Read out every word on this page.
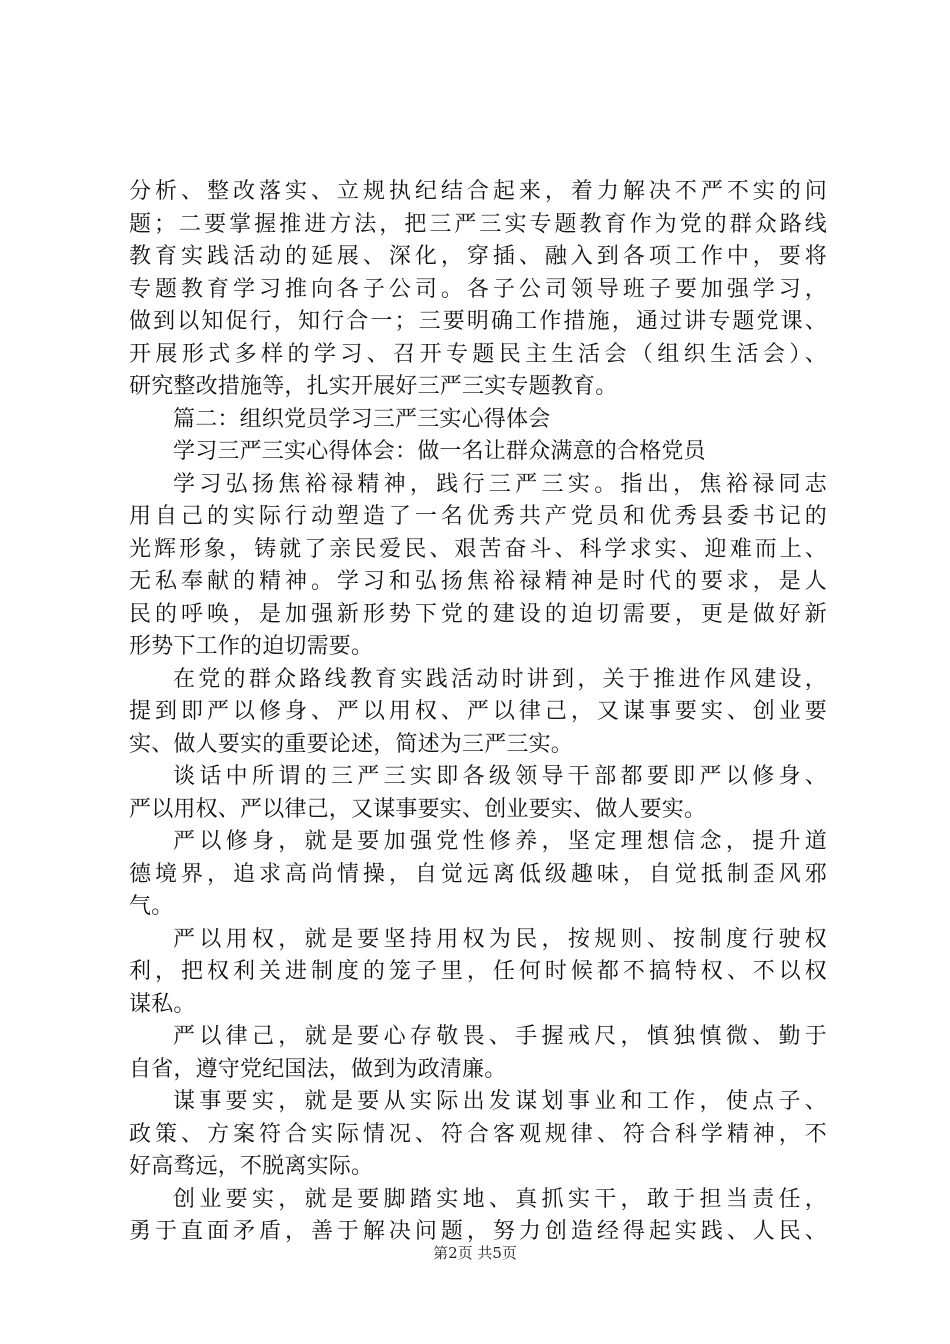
分析、整改落实、立规执纪结合起来，着力解决不严不实的问
题；二要掌握推进方法，把三严三实专题教育作为党的群众路线
教育实践活动的延展、深化，穿插、融入到各项工作中，要将
专题教育学习推向各子公司。各子公司领导班子要加强学习，
做到以知促行，知行合一；三要明确工作措施，通过讲专题党课、
开展形式多样的学习、召开专题民主生活会（组织生活会）、
研究整改措施等，扎实开展好三严三实专题教育。
篇二：组织党员学习三严三实心得体会
学习三严三实心得体会：做一名让群众满意的合格党员
学习弘扬焦裕禄精神，践行三严三实。指出，焦裕禄同志
用自己的实际行动塑造了一名优秀共产党员和优秀县委书记的
光辉形象，铸就了亲民爱民、艰苦奋斗、科学求实、迎难而上、
无私奉献的精神。学习和弘扬焦裕禄精神是时代的要求，是人
民的呼唤，是加强新形势下党的建设的迫切需要，更是做好新
形势下工作的迫切需要。
在党的群众路线教育实践活动时讲到，关于推进作风建设，
提到即严以修身、严以用权、严以律己，又谋事要实、创业要
实、做人要实的重要论述，简述为三严三实。
谈话中所谓的三严三实即各级领导干部都要即严以修身、
严以用权、严以律己，又谋事要实、创业要实、做人要实。
严以修身，就是要加强党性修养，坚定理想信念，提升道
德境界，追求高尚情操，自觉远离低级趣味，自觉抵制歪风邪
气。
严以用权，就是要坚持用权为民，按规则、按制度行驶权
利，把权利关进制度的笼子里，任何时候都不搞特权、不以权
谋私。
严以律己，就是要心存敬畏、手握戒尺，慎独慎微、勤于
自省，遵守党纪国法，做到为政清廉。
谋事要实，就是要从实际出发谋划事业和工作，使点子、
政策、方案符合实际情况、符合客观规律、符合科学精神，不
好高骛远，不脱离实际。
创业要实，就是要脚踏实地、真抓实干，敢于担当责任，
勇于直面矛盾，善于解决问题，努力创造经得起实践、人民、
第2页 共5页
